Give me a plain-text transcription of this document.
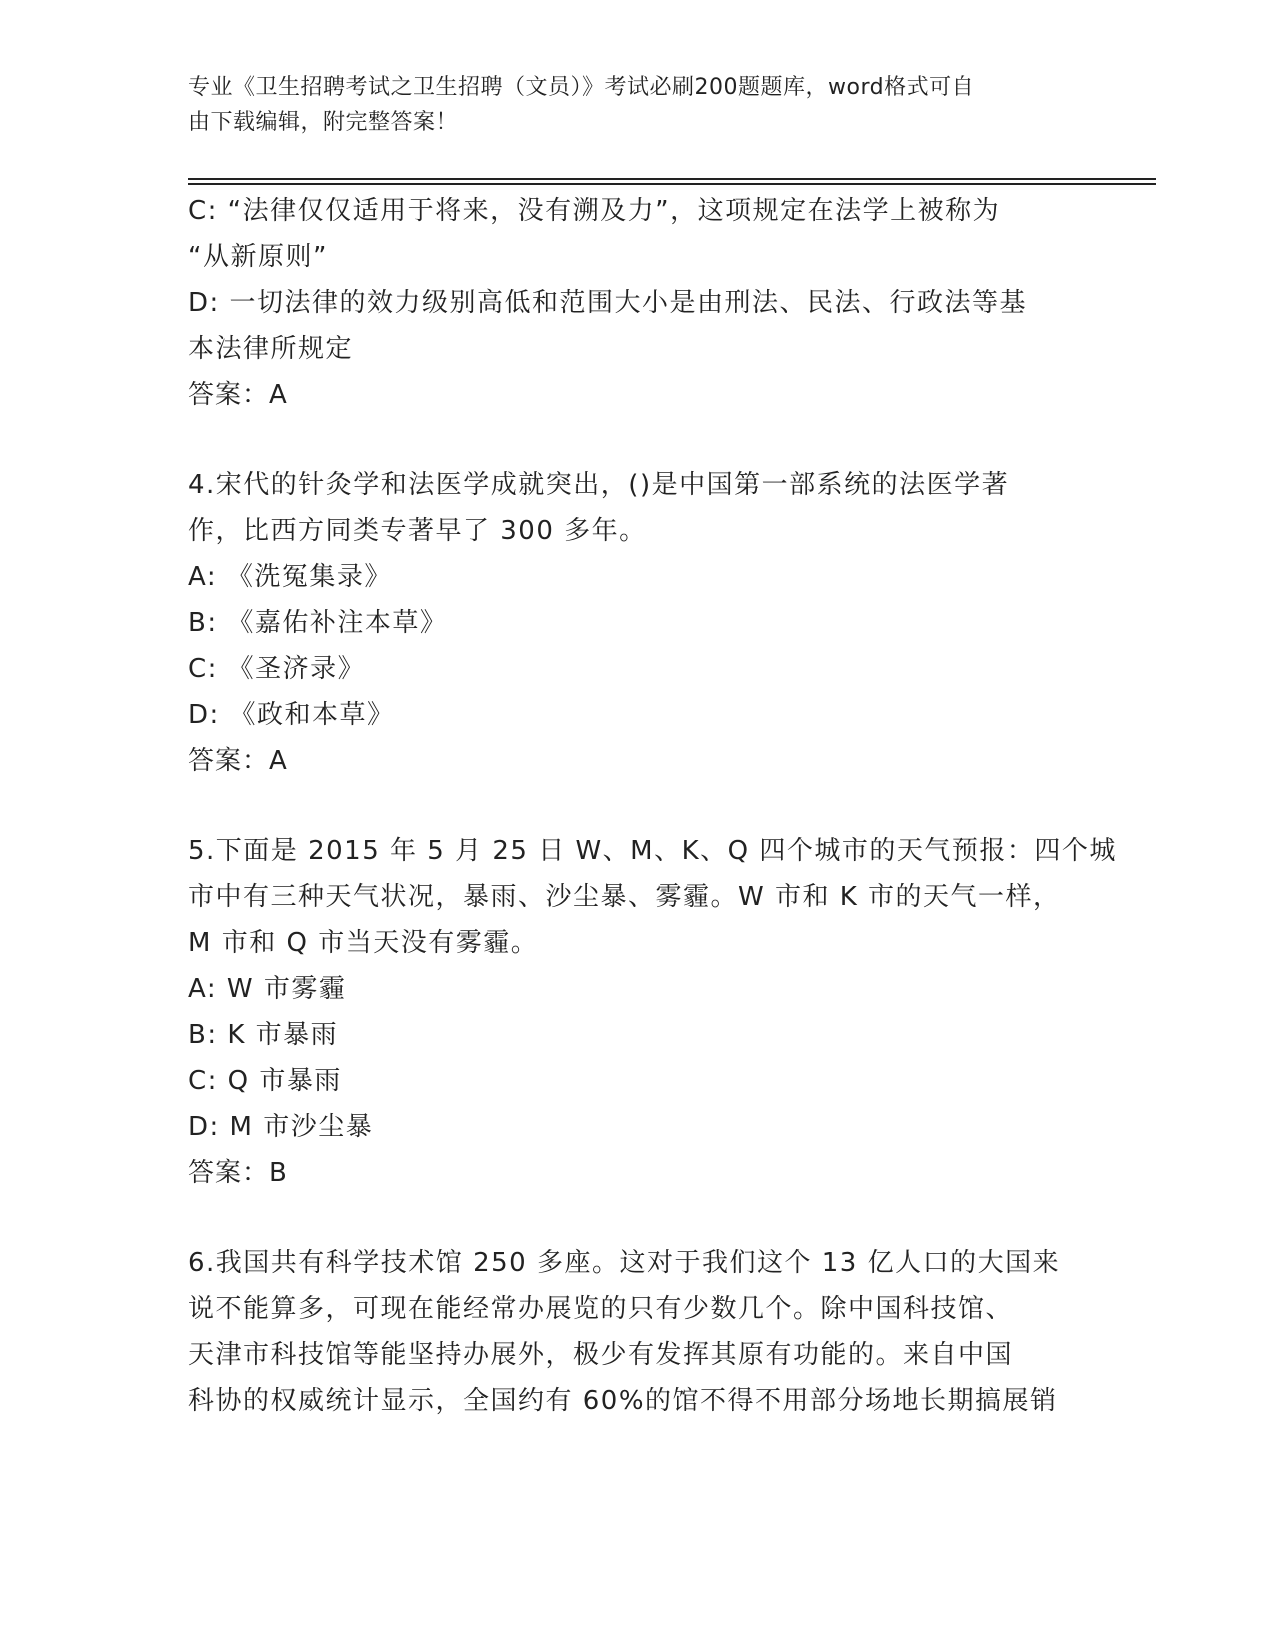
专业《卫生招聘考试之卫生招聘（文员）》考试必刷200题题库，word格式可自
由下载编辑，附完整答案！
C: “法律仅仅适用于将来，没有溯及力”，这项规定在法学上被称为
“从新原则”
D: 一切法律的效力级别高低和范围大小是由刑法、民法、行政法等基
本法律所规定
答案：A
4.宋代的针灸学和法医学成就突出，()是中国第一部系统的法医学著
作，比西方同类专著早了 300 多年。
A: 《洗冤集录》
B: 《嘉佑补注本草》
C: 《圣济录》
D: 《政和本草》
答案：A
5.下面是 2015 年 5 月 25 日 W、M、K、Q 四个城市的天气预报：四个城
市中有三种天气状况，暴雨、沙尘暴、雾霾。W 市和 K 市的天气一样，
M 市和 Q 市当天没有雾霾。
A: W 市雾霾
B: K 市暴雨
C: Q 市暴雨
D: M 市沙尘暴
答案：B
6.我国共有科学技术馆 250 多座。这对于我们这个 13 亿人口的大国来
说不能算多，可现在能经常办展览的只有少数几个。除中国科技馆、
天津市科技馆等能坚持办展外，极少有发挥其原有功能的。来自中国
科协的权威统计显示，全国约有 60%的馆不得不用部分场地长期搞展销
